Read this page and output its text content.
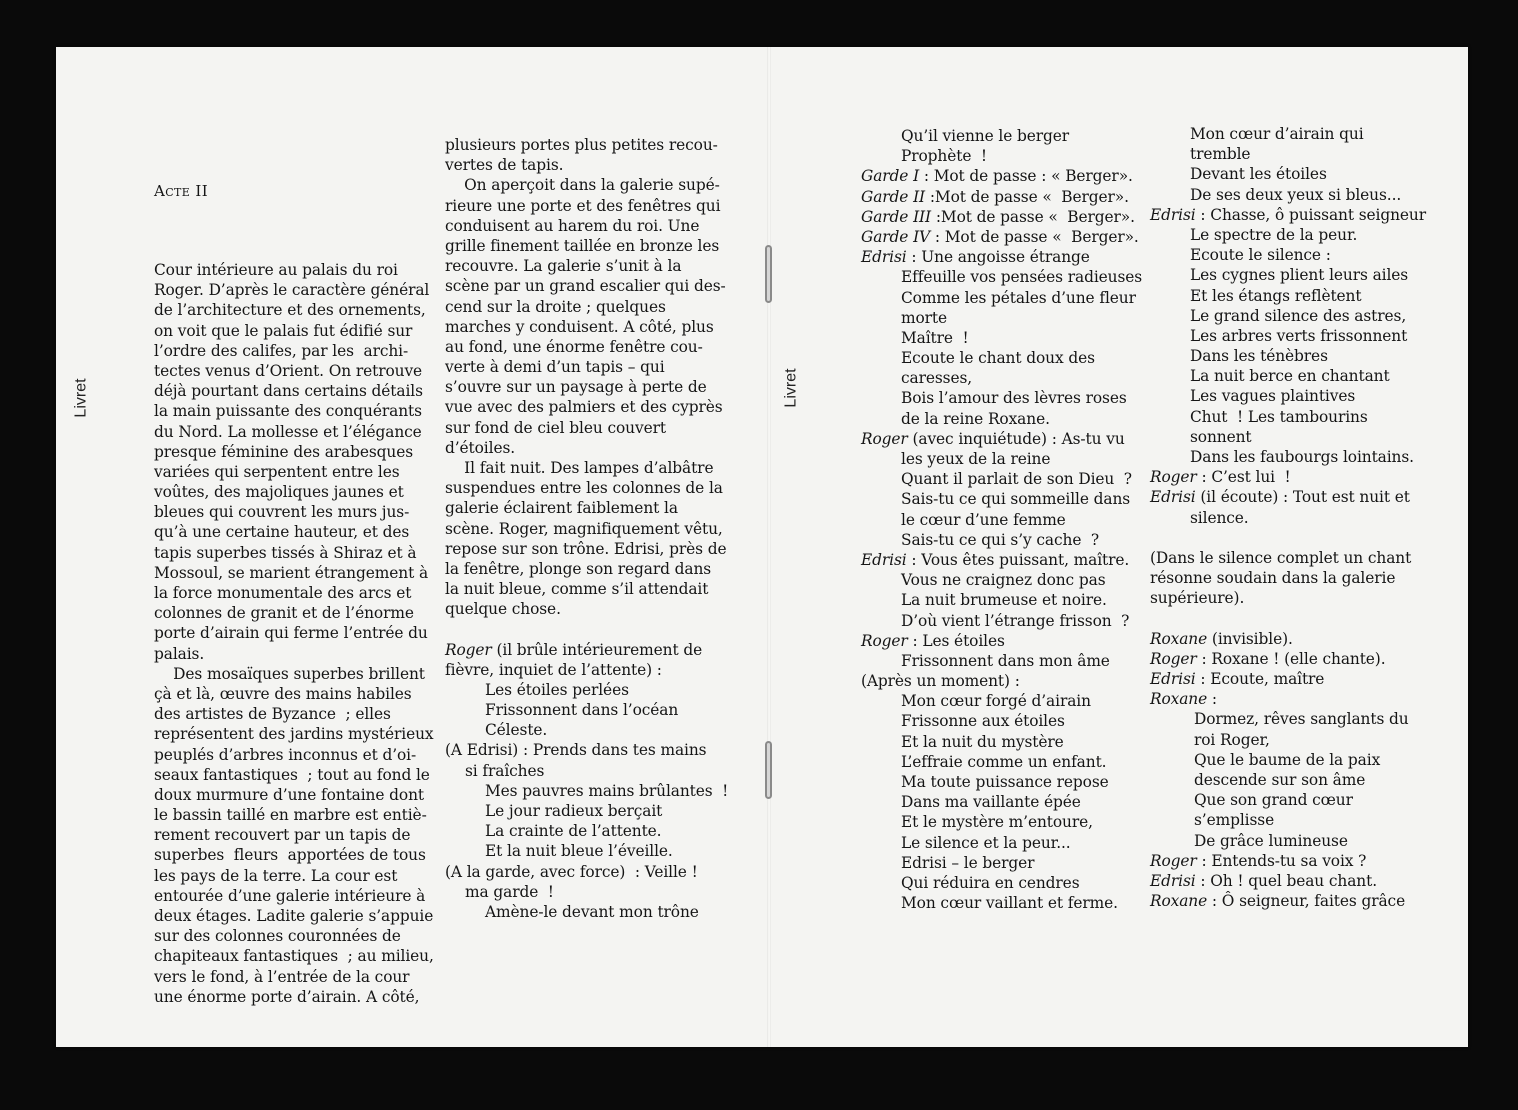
Livret	Livret

Acte II

Cour intérieure au palais du roi
Roger. D’après le caractère général
de l’architecture et des ornements,
on voit que le palais fut édifié sur
l’ordre des califes, par les  archi-
tectes venus d’Orient. On retrouve
déjà pourtant dans certains détails
la main puissante des conquérants
du Nord. La mollesse et l’élégance
presque féminine des arabesques
variées qui serpentent entre les
voûtes, des majoliques jaunes et
bleues qui couvrent les murs jus-
qu’à une certaine hauteur, et des
tapis superbes tissés à Shiraz et à
Mossoul, se marient étrangement à
la force monumentale des arcs et
colonnes de granit et de l’énorme
porte d’airain qui ferme l’entrée du
palais.
Des mosaïques superbes brillent
çà et là, œuvre des mains habiles
des artistes de Byzance  ; elles
représentent des jardins mystérieux
peuplés d’arbres inconnus et d’oi-
seaux fantastiques  ; tout au fond le
doux murmure d’une fontaine dont
le bassin taillé en marbre est entiè-
rement recouvert par un tapis de
superbes  fleurs  apportées de tous
les pays de la terre. La cour est
entourée d’une galerie intérieure à
deux étages. Ladite galerie s’appuie
sur des colonnes couronnées de
chapiteaux fantastiques  ; au milieu,
vers le fond, à l’entrée de la cour
une énorme porte d’airain. A côté,
plusieurs portes plus petites recou-
vertes de tapis.
On aperçoit dans la galerie supé-
rieure une porte et des fenêtres qui
conduisent au harem du roi. Une
grille finement taillée en bronze les
recouvre. La galerie s’unit à la
scène par un grand escalier qui des-
cend sur la droite ; quelques
marches y conduisent. A côté, plus
au fond, une énorme fenêtre cou-
verte à demi d’un tapis – qui
s’ouvre sur un paysage à perte de
vue avec des palmiers et des cyprès
sur fond de ciel bleu couvert
d’étoiles.
Il fait nuit. Des lampes d’albâtre
suspendues entre les colonnes de la
galerie éclairent faiblement la
scène. Roger, magnifiquement vêtu,
repose sur son trône. Edrisi, près de
la fenêtre, plonge son regard dans
la nuit bleue, comme s’il attendait
quelque chose.
Roger (il brûle intérieurement de
fièvre, inquiet de l’attente) :
Les étoiles perlées
Frissonnent dans l’océan
Céleste.
(A Edrisi) : Prends dans tes mains
si fraîches
Mes pauvres mains brûlantes  !
Le jour radieux berçait
La crainte de l’attente.
Et la nuit bleue l’éveille.
(A la garde, avec force)  : Veille !
ma garde  !
Amène-le devant mon trône
Qu’il vienne le berger
Prophète  !
Garde I : Mot de passe : « Berger».
Garde II :Mot de passe «  Berger».
Garde III :Mot de passe «  Berger».
Garde IV : Mot de passe «  Berger».
Edrisi : Une angoisse étrange
Effeuille vos pensées radieuses
Comme les pétales d’une fleur
morte
Maître  !
Ecoute le chant doux des
caresses,
Bois l’amour des lèvres roses
de la reine Roxane.
Roger (avec inquiétude) : As-tu vu
les yeux de la reine
Quant il parlait de son Dieu  ?
Sais-tu ce qui sommeille dans
le cœur d’une femme
Sais-tu ce qui s’y cache  ?
Edrisi : Vous êtes puissant, maître.
Vous ne craignez donc pas
La nuit brumeuse et noire.
D’où vient l’étrange frisson  ?
Roger : Les étoiles
Frissonnent dans mon âme
(Après un moment) :
Mon cœur forgé d’airain
Frissonne aux étoiles
Et la nuit du mystère
L’effraie comme un enfant.
Ma toute puissance repose
Dans ma vaillante épée
Et le mystère m’entoure,
Le silence et la peur...
Edrisi – le berger
Qui réduira en cendres
Mon cœur vaillant et ferme.
Mon cœur d’airain qui
tremble
Devant les étoiles
De ses deux yeux si bleus...
Edrisi : Chasse, ô puissant seigneur
Le spectre de la peur.
Ecoute le silence :
Les cygnes plient leurs ailes
Et les étangs reflètent
Le grand silence des astres,
Les arbres verts frissonnent
Dans les ténèbres
La nuit berce en chantant
Les vagues plaintives
Chut  ! Les tambourins
sonnent
Dans les faubourgs lointains.
Roger : C’est lui  !
Edrisi (il écoute) : Tout est nuit et
silence.
(Dans le silence complet un chant
résonne soudain dans la galerie
supérieure).
Roxane (invisible).
Roger : Roxane ! (elle chante).
Edrisi : Ecoute, maître
Roxane :
Dormez, rêves sanglants du
roi Roger,
Que le baume de la paix
descende sur son âme
Que son grand cœur
s’emplisse
De grâce lumineuse
Roger : Entends-tu sa voix ?
Edrisi : Oh ! quel beau chant.
Roxane : Ô seigneur, faites grâce
